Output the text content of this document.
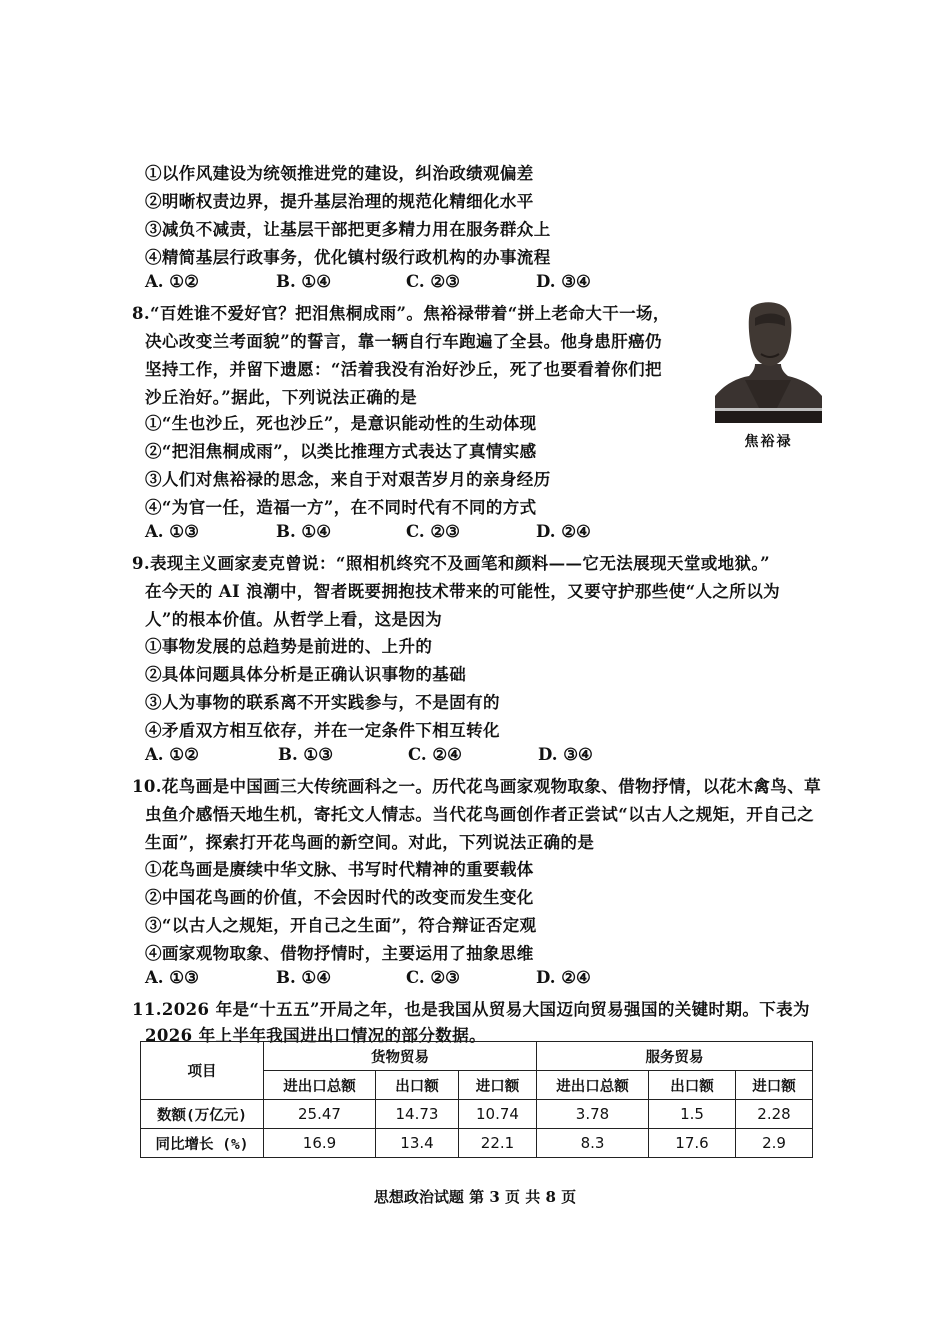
①以作风建设为统领推进党的建设，纠治政绩观偏差
②明晰权责边界，提升基层治理的规范化精细化水平
③减负不减责，让基层干部把更多精力用在服务群众上
④精简基层行政事务，优化镇村级行政机构的办事流程
A. ①②	B. ①④	C. ②③	D. ③④
8.“百姓谁不爱好官？把泪焦桐成雨”。焦裕禄带着“拼上老命大干一场，
决心改变兰考面貌”的誓言，靠一辆自行车跑遍了全县。他身患肝癌仍
坚持工作，并留下遗愿：“活着我没有治好沙丘，死了也要看着你们把
沙丘治好。”据此，下列说法正确的是
①“生也沙丘，死也沙丘”，是意识能动性的生动体现
②“把泪焦桐成雨”，以类比推理方式表达了真情实感
③人们对焦裕禄的思念，来自于对艰苦岁月的亲身经历
④“为官一任，造福一方”，在不同时代有不同的方式
A. ①③	B. ①④	C. ②③	D. ②④
焦裕禄
9.表现主义画家麦克曾说：“照相机终究不及画笔和颜料——它无法展现天堂或地狱。”
在今天的 AI 浪潮中，智者既要拥抱技术带来的可能性，又要守护那些使“人之所以为
人”的根本价值。从哲学上看，这是因为
①事物发展的总趋势是前进的、上升的
②具体问题具体分析是正确认识事物的基础
③人为事物的联系离不开实践参与，不是固有的
④矛盾双方相互依存，并在一定条件下相互转化
A. ①②	B. ①③	C. ②④	D. ③④
10.花鸟画是中国画三大传统画科之一。历代花鸟画家观物取象、借物抒情，以花木禽鸟、草
虫鱼介感悟天地生机，寄托文人情志。当代花鸟画创作者正尝试“以古人之规矩，开自己之
生面”，探索打开花鸟画的新空间。对此，下列说法正确的是
①花鸟画是赓续中华文脉、书写时代精神的重要载体
②中国花鸟画的价值，不会因时代的改变而发生变化
③“以古人之规矩，开自己之生面”，符合辩证否定观
④画家观物取象、借物抒情时，主要运用了抽象思维
A. ①③	B. ①④	C. ②③	D. ②④
11.2026 年是“十五五”开局之年，也是我国从贸易大国迈向贸易强国的关键时期。下表为
2026 年上半年我国进出口情况的部分数据。
项目	货物贸易			服务贸易		
	进出口总额	出口额	进口额	进出口总额	出口额	进口额
数额(万亿元)	25.47	14.73	10.74	3.78	1.5	2.28
同比增长 (%)	16.9	13.4	22.1	8.3	17.6	2.9
思想政治试题 第 3 页 共 8 页
